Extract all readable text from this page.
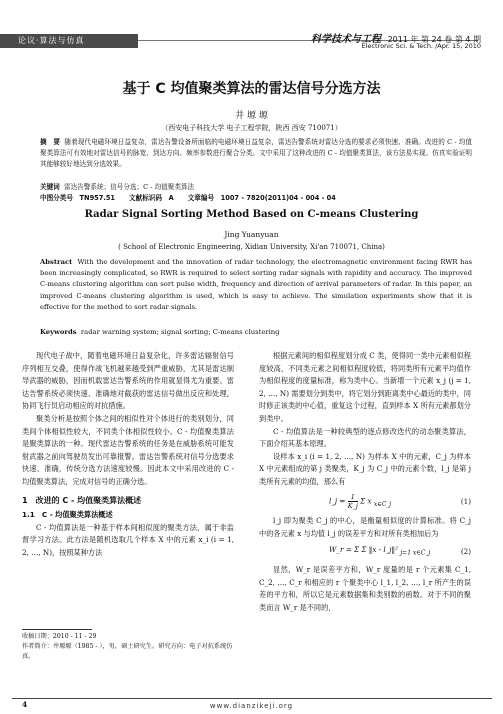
论议·算法与仿真	科学技术与工程 2011 年 第 24 卷 第 4 期
Electronic Sci. & Tech. /Apr. 15, 2010
基于 C 均值聚类算法的雷达信号分选方法
井 塬 塬
（西安电子科技大学 电子工程学院，陕西 西安 710071）
摘　要 随着现代电磁环境日益复杂，雷达告警设备所面临的电磁环境日益复杂，雷达告警系统对雷达分选的要求必须快速、准确。改进的 C - 均值聚类算法可有效地对雷达信号的脉宽、到达方向、频率参数进行聚合分类。文中采用了这种改进的 C - 均值聚类算法，该方法易实现。仿真实验证明其能够较好地达到分选效果。
关键词 雷达告警系统；信号分选；C - 均值聚类算法
中图分类号　TN957.51 文献标识码　A 文章编号　1007 - 7820(2011)04 - 004 - 04
Radar Signal Sorting Method Based on C-means Clustering
Jing Yuanyuan
( School of Electronic Engineering, Xidian University, Xi'an 710071, China)
Abstract With the development and the innovation of radar technology, the electromagnetic environment facing RWR has been increasingly complicated, so RWR is required to select sorting radar signals with rapidity and accuracy. The improved C-means clustering algorithm can sort pulse width, frequency and direction of arrival parameters of radar. In this paper, an improved C-means clustering algorithm is used, which is easy to achieve. The simulation experiments show that it is effective for the method to sort radar signals.
Keywords radar warning system; signal sorting; C-means clustering

现代电子战中，随着电磁环境日益复杂化，许多雷达辐射信号序列相互交叠，使得作战飞机越来越受到严重威胁，尤其是雷达制导武器的威胁，因而机载雷达告警系统的作用就显得尤为重要。雷达告警系统必须快速、准确地对截获的雷达信号做出反应和处理，协同飞行员启动相应的对抗措施。

聚类分析是按照个体之间的相似性对个体进行的类别划分，同类间个体相似性较大，不同类个体相似性较小。C - 均值聚类算法是聚类算法的一种。现代雷达告警系统的任务是在威胁系统可能发射武器之前向驾驶员发出可靠报警。雷达告警系统对信号分选要求快速、准确，传统分选方法速度较慢。因此本文中采用改进的 C - 均值聚类算法，完成对信号的正确分选。

1　改进的 C - 均值聚类算法概述
1.1　C - 均值聚类算法概述

C - 均值算法是一种基于样本间相似度的聚类方法，属于非监督学习方法。此方法是随机选取几个样本 X 中的元素 x_i (i = 1, 2, …, N)，按照某种方法

收稿日期：2010 - 11 - 29
作者简介：井塬塬（1985 - ），男，硕士研究生。研究方向：电子对抗系统仿真。

根据元素间的相似程度划分成 C 类，使得同一类中元素相似程度较高，不同类元素之间相似程度较低，将同类所有元素平均值作为相似程度的度量标准，称为类中心。当新增一个元素 x_j (j = 1, 2, …, N) 需要划分到类中，将它划分到距离类中心最近的类中，同时修正该类的中心值，重复这个过程，直到样本 X 所有元素都划分到类中。

C - 均值算法是一种较典型的逐点修改迭代的动态聚类算法，下面介绍其基本原理。

设样本 x_i (i = 1, 2, …, N) 为样本 X 中的元素，C_j 为样本 X 中元素组成的第 j 类聚类，K_j 为 C_j 中的元素个数，l_j 是第 j 类所有元素的均值，那么有

l_j = $\frac{1}{K\_j}$ Σ x $_{x\in C\_j}$	(1)

l_j 即为聚类 C_j 的中心，是衡量相似度的计算标准。将 C_j 中的各元素 x 与均值 l_j 的误差平方和对所有类相加后为

W_r = Σ Σ ‖x - l_j‖² $_{j=1 x\in C\_j}$	(2)

显然，W_r 是误差平方和，W_r 度量的是 r 个元素集 C_1, C_2, …, C_r 和相应的 r 个聚类中心 l_1, l_2, …, l_r 所产生的误差的平方和，所以它是元素数据集和类别数的函数。对于不同的聚类而言 W_r 是不同的，

4	www.dianzikeji.org
